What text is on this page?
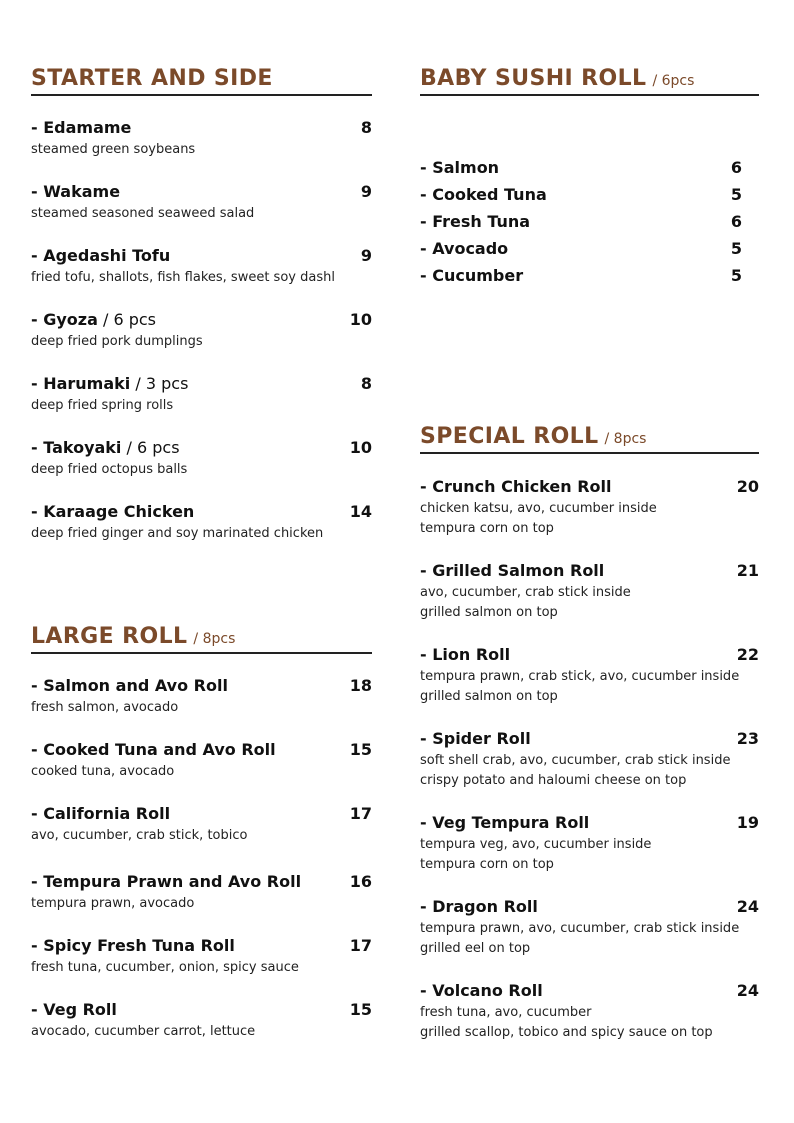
STARTER AND SIDE
- Edamame	8
steamed green soybeans
- Wakame	9
steamed seasoned seaweed salad
- Agedashi Tofu	9
fried tofu, shallots, fish flakes, sweet soy dashl
- Gyoza / 6 pcs	10
deep fried pork dumplings
- Harumaki / 3 pcs	8
deep fried spring rolls
- Takoyaki / 6 pcs	10
deep fried octopus balls
- Karaage Chicken	14
deep fried ginger and soy marinated chicken
LARGE ROLL / 8pcs
- Salmon and Avo Roll	18
fresh salmon, avocado
- Cooked Tuna and Avo Roll	15
cooked tuna, avocado
- California Roll	17
avo, cucumber, crab stick, tobico
- Tempura Prawn and Avo Roll	16
tempura prawn, avocado
- Spicy Fresh Tuna Roll	17
fresh tuna, cucumber, onion, spicy sauce
- Veg Roll	15
avocado, cucumber carrot, lettuce
BABY SUSHI ROLL / 6pcs
- Salmon	6
- Cooked Tuna	5
- Fresh Tuna	6
- Avocado	5
- Cucumber	5
SPECIAL ROLL / 8pcs
- Crunch Chicken Roll	20
chicken katsu, avo, cucumber inside
tempura corn on top
- Grilled Salmon Roll	21
avo, cucumber, crab stick inside
grilled salmon on top
- Lion Roll	22
tempura prawn, crab stick, avo, cucumber inside
grilled salmon on top
- Spider Roll	23
soft shell crab, avo, cucumber, crab stick inside
crispy potato and haloumi cheese on top
- Veg Tempura Roll	19
tempura veg, avo, cucumber inside
tempura corn on top
- Dragon Roll	24
tempura prawn, avo, cucumber, crab stick inside
grilled eel on top
- Volcano Roll	24
fresh tuna, avo, cucumber
grilled scallop, tobico and spicy sauce on top
